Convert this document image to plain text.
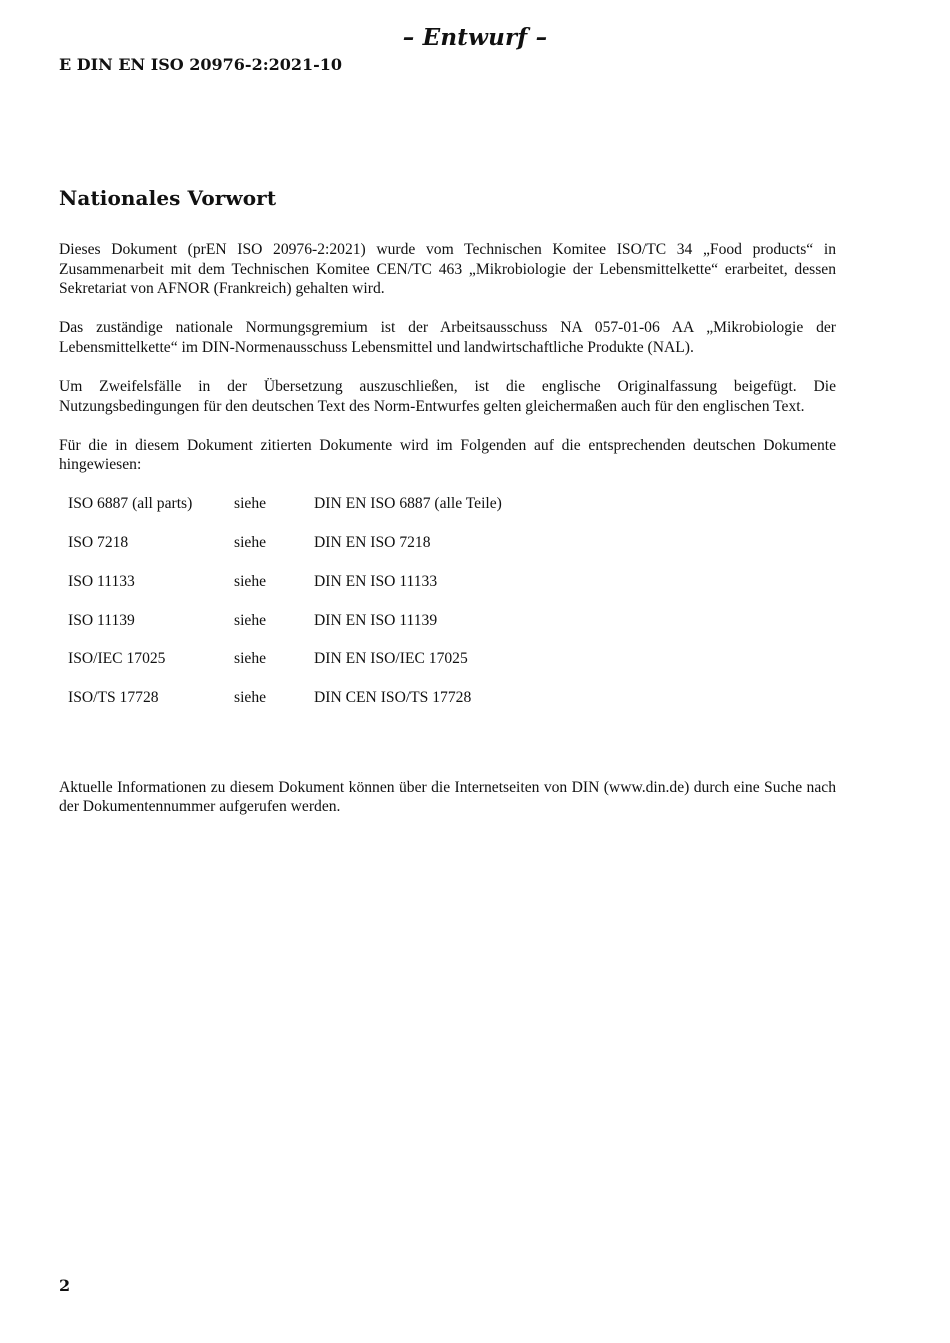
– Entwurf –
E DIN EN ISO 20976-2:2021-10
Nationales Vorwort

Dieses Dokument (prEN ISO 20976-2:2021) wurde vom Technischen Komitee ISO/TC 34 „Food products“ in Zusammenarbeit mit dem Technischen Komitee CEN/TC 463 „Mikrobiologie der Lebensmittelkette“ erarbeitet, dessen Sekretariat von AFNOR (Frankreich) gehalten wird.

Das zuständige nationale Normungsgremium ist der Arbeitsausschuss NA 057-01-06 AA „Mikrobiologie der Lebensmittelkette“ im DIN-Normenausschuss Lebensmittel und landwirtschaftliche Produkte (NAL).

Um Zweifelsfälle in der Übersetzung auszuschließen, ist die englische Originalfassung beigefügt. Die Nutzungsbedingungen für den deutschen Text des Norm-Entwurfes gelten gleichermaßen auch für den englischen Text.

Für die in diesem Dokument zitierten Dokumente wird im Folgenden auf die entsprechenden deutschen Dokumente hingewiesen:

ISO 6887 (all parts)	siehe	DIN EN ISO 6887 (alle Teile)
ISO 7218	siehe	DIN EN ISO 7218
ISO 11133	siehe	DIN EN ISO 11133
ISO 11139	siehe	DIN EN ISO 11139
ISO/IEC 17025	siehe	DIN EN ISO/IEC 17025
ISO/TS 17728	siehe	DIN CEN ISO/TS 17728

Aktuelle Informationen zu diesem Dokument können über die Internetseiten von DIN (www.din.de) durch eine Suche nach der Dokumentennummer aufgerufen werden.

2
